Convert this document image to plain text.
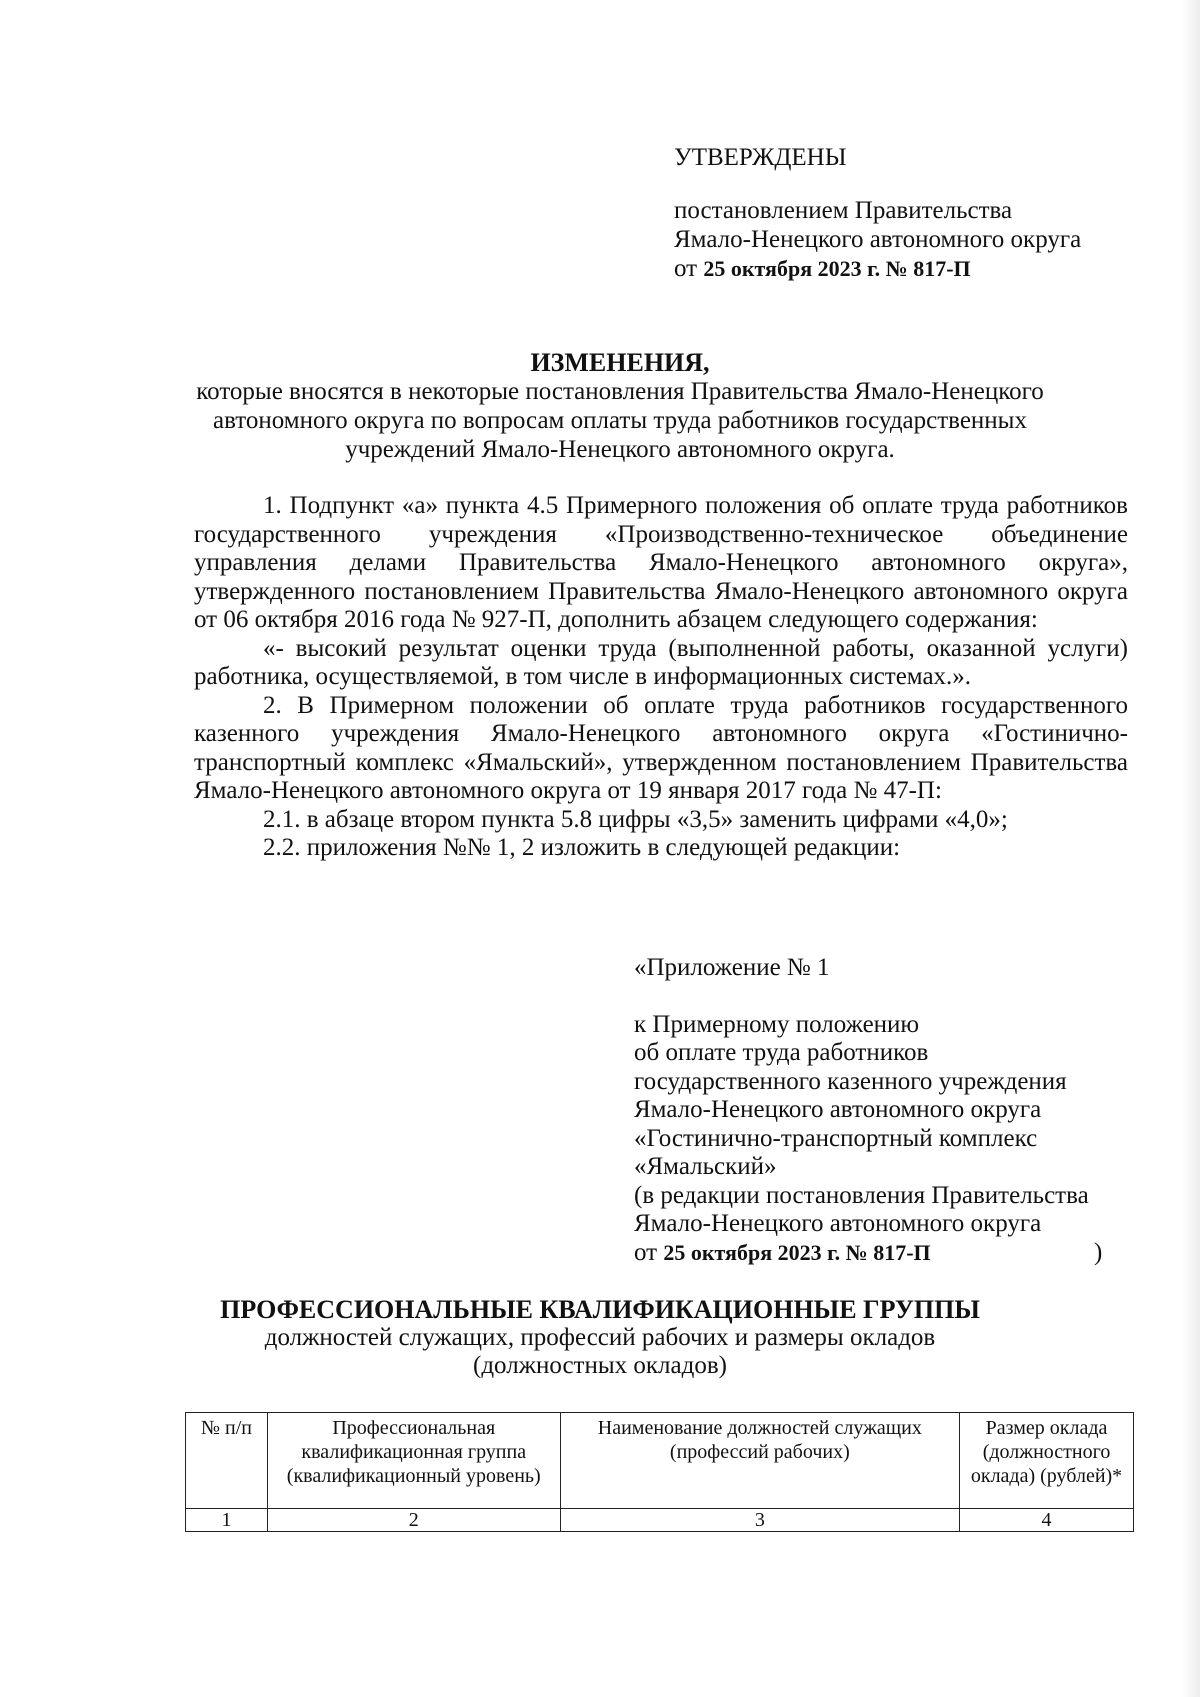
УТВЕРЖДЕНЫ
постановлением Правительства
Ямало-Ненецкого автономного округа
от 25 октября 2023 г. № 817-П
ИЗМЕНЕНИЯ,
которые вносятся в некоторые постановления Правительства Ямало-Ненецкого
автономного округа по вопросам оплаты труда работников государственных
учреждений Ямало-Ненецкого автономного округа.

1. Подпункт «а» пункта 4.5 Примерного положения об оплате труда работников государственного учреждения «Производственно-техническое объединение управления делами Правительства Ямало-Ненецкого автономного округа», утвержденного постановлением Правительства Ямало-Ненецкого автономного округа от 06 октября 2016 года № 927-П, дополнить абзацем следующего содержания:

«- высокий результат оценки труда (выполненной работы, оказанной услуги) работника, осуществляемой, в том числе в информационных системах.».

2. В Примерном положении об оплате труда работников государственного казенного учреждения Ямало-Ненецкого автономного округа «Гостинично-транспортный комплекс «Ямальский», утвержденном постановлением Правительства Ямало-Ненецкого автономного округа от 19 января 2017 года № 47-П:

2.1. в абзаце втором пункта 5.8 цифры «3,5» заменить цифрами «4,0»;

2.2. приложения №№ 1, 2 изложить в следующей редакции:

«Приложение № 1
к Примерному положению
об оплате труда работников
государственного казенного учреждения
Ямало-Ненецкого автономного округа
«Гостинично-транспортный комплекс
«Ямальский»
(в редакции постановления Правительства
Ямало-Ненецкого автономного округа
от 25 октября 2023 г. № 817-П	)
ПРОФЕССИОНАЛЬНЫЕ КВАЛИФИКАЦИОННЫЕ ГРУППЫ
должностей служащих, профессий рабочих и размеры окладов
(должностных окладов)
№ п/п	Профессиональная квалификационная группа (квалификационный уровень)	Наименование должностей служащих (профессий рабочих)	Размер оклада (должностного оклада) (рублей)*
1	2	3	4
